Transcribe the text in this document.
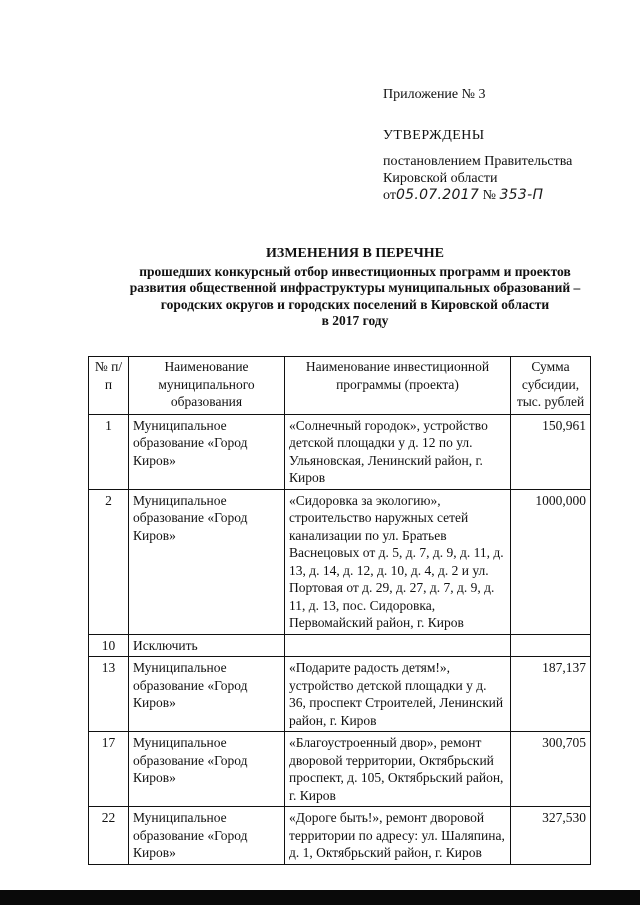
Приложение № 3
УТВЕРЖДЕНЫ
постановлением Правительства
Кировской области
от05.07.2017 № 353-П
ИЗМЕНЕНИЯ В ПЕРЕЧНЕ
прошедших конкурсный отбор инвестиционных программ и проектов
развития общественной инфраструктуры муниципальных образований –
городских округов и городских поселений в Кировской области
в 2017 году
№ п/п	Наименование муниципального образования	Наименование инвестиционной программы (проекта)	Сумма субсидии, тыс. рублей
1	Муниципальное образование «Город Киров»	«Солнечный городок», устройство детской площадки у д. 12 по ул. Ульяновская, Ленинский район, г. Киров	150,961
2	Муниципальное образование «Город Киров»	«Сидоровка за экологию», строительство наружных сетей канализации по ул. Братьев Васнецовых от д. 5, д. 7, д. 9, д. 11, д. 13, д. 14, д. 12, д. 10, д. 4, д. 2 и ул. Портовая от д. 29, д. 27, д. 7, д. 9, д. 11, д. 13, пос. Сидоровка, Первомайский район, г. Киров	1000,000
10	Исключить		
13	Муниципальное образование «Город Киров»	«Подарите радость детям!», устройство детской площадки у д. 36, проспект Строителей, Ленинский район, г. Киров	187,137
17	Муниципальное образование «Город Киров»	«Благоустроенный двор», ремонт дворовой территории, Октябрьский проспект, д. 105, Октябрьский район, г. Киров	300,705
22	Муниципальное образование «Город Киров»	«Дороге быть!», ремонт дворовой территории по адресу: ул. Шаляпина, д. 1, Октябрьский район, г. Киров	327,530
